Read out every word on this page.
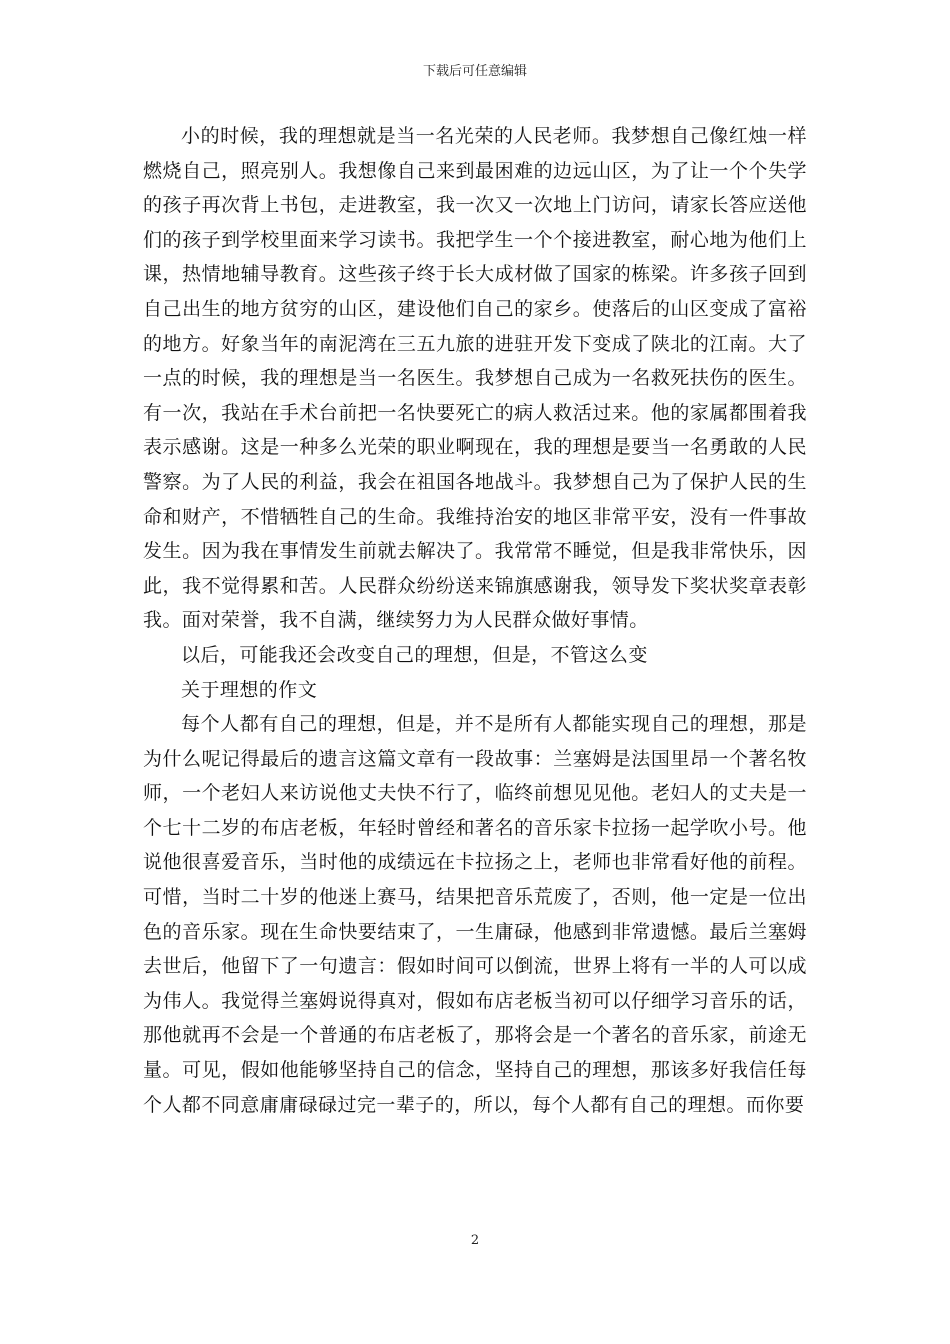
下载后可任意编辑

小的时候，我的理想就是当一名光荣的人民老师。我梦想自己像红烛一样燃烧自己，照亮别人。我想像自己来到最困难的边远山区，为了让一个个失学的孩子再次背上书包，走进教室，我一次又一次地上门访问，请家长答应送他们的孩子到学校里面来学习读书。我把学生一个个接进教室，耐心地为他们上课，热情地辅导教育。这些孩子终于长大成材做了国家的栋梁。许多孩子回到自己出生的地方贫穷的山区，建设他们自己的家乡。使落后的山区变成了富裕的地方。好象当年的南泥湾在三五九旅的进驻开发下变成了陕北的江南。大了一点的时候，我的理想是当一名医生。我梦想自己成为一名救死扶伤的医生。有一次，我站在手术台前把一名快要死亡的病人救活过来。他的家属都围着我表示感谢。这是一种多么光荣的职业啊现在，我的理想是要当一名勇敢的人民警察。为了人民的利益，我会在祖国各地战斗。我梦想自己为了保护人民的生命和财产，不惜牺牲自己的生命。我维持治安的地区非常平安，没有一件事故发生。因为我在事情发生前就去解决了。我常常不睡觉，但是我非常快乐，因此，我不觉得累和苦。人民群众纷纷送来锦旗感谢我，领导发下奖状奖章表彰我。面对荣誉，我不自满，继续努力为人民群众做好事情。

以后，可能我还会改变自己的理想，但是，不管这么变

关于理想的作文

每个人都有自己的理想，但是，并不是所有人都能实现自己的理想，那是为什么呢记得最后的遗言这篇文章有一段故事：兰塞姆是法国里昂一个著名牧师，一个老妇人来访说他丈夫快不行了，临终前想见见他。老妇人的丈夫是一个七十二岁的布店老板，年轻时曾经和著名的音乐家卡拉扬一起学吹小号。他说他很喜爱音乐，当时他的成绩远在卡拉扬之上，老师也非常看好他的前程。可惜，当时二十岁的他迷上赛马，结果把音乐荒废了，否则，他一定是一位出色的音乐家。现在生命快要结束了，一生庸碌，他感到非常遗憾。最后兰塞姆去世后，他留下了一句遗言：假如时间可以倒流，世界上将有一半的人可以成为伟人。我觉得兰塞姆说得真对，假如布店老板当初可以仔细学习音乐的话，那他就再不会是一个普通的布店老板了，那将会是一个著名的音乐家，前途无量。可见，假如他能够坚持自己的信念，坚持自己的理想，那该多好我信任每个人都不同意庸庸碌碌过完一辈子的，所以，每个人都有自己的理想。而你要

2
